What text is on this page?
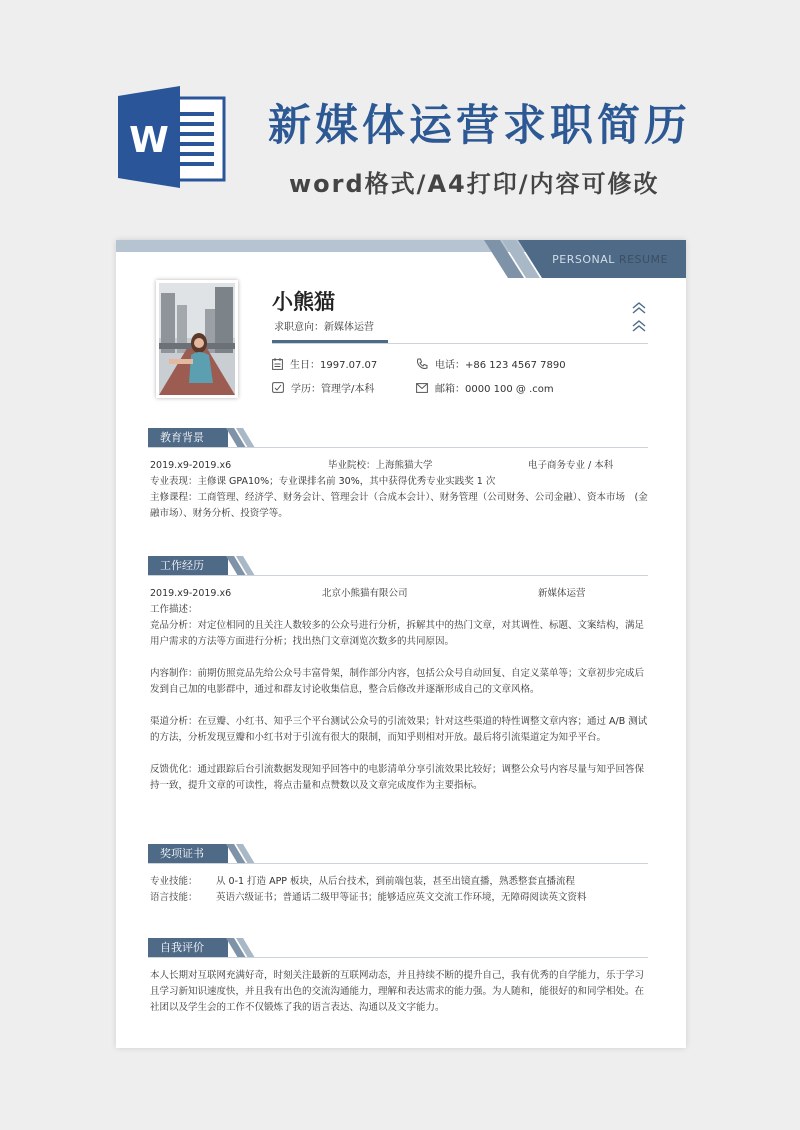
W 新媒体运营求职简历

word格式/A4打印/内容可修改

PERSONAL RESUME
小熊猫
求职意向：新媒体运营
生日：1997.07.07	电话：+86 123 4567 7890
学历：管理学/本科	邮箱：0000 100 @ .com
教育背景
2019.x9-2019.x6	毕业院校：上海熊猫大学	电子商务专业 / 本科

专业表现：主修课 GPA10%；专业课排名前 30%，其中获得优秀专业实践奖 1 次

主修课程：工商管理、经济学、财务会计、管理会计（合成本会计）、财务管理（公司财务、公司金融）、资本市场　(金融市场）、财务分析、投资学等。

工作经历
2019.x9-2019.x6	北京小熊猫有限公司	新媒体运营

工作描述：

竞品分析：对定位相同的且关注人数较多的公众号进行分析，拆解其中的热门文章，对其调性、标题、文案结构，满足用户需求的方法等方面进行分析；找出热门文章浏览次数多的共同原因。

内容制作：前期仿照竞品先给公众号丰富骨架，制作部分内容，包括公众号自动回复、自定义菜单等；文章初步完成后发到自己加的电影群中，通过和群友讨论收集信息，整合后修改并逐渐形成自己的文章风格。

渠道分析：在豆瓣、小红书、知乎三个平台测试公众号的引流效果；针对这些渠道的特性调整文章内容；通过 A/B 测试的方法，分析发现豆瓣和小红书对于引流有很大的限制，而知乎则相对开放。最后将引流渠道定为知乎平台。

反馈优化：通过跟踪后台引流数据发现知乎回答中的电影清单分享引流效果比较好；调整公众号内容尽量与知乎回答保持一致，提升文章的可读性，将点击量和点赞数以及文章完成度作为主要指标。

奖项证书
专业技能： 从 0-1 打造 APP 板块，从后台技术，到前端包装，甚至出镜直播，熟悉整套直播流程
语言技能： 英语六级证书；普通话二级甲等证书；能够适应英文交流工作环境，无障碍阅读英文资料
自我评价

本人长期对互联网充满好奇，时刻关注最新的互联网动态，并且持续不断的提升自己，我有优秀的自学能力，乐于学习且学习新知识速度快，并且我有出色的交流沟通能力，理解和表达需求的能力强。为人随和，能很好的和同学相处。在社团以及学生会的工作不仅锻炼了我的语言表达、沟通以及文字能力。
